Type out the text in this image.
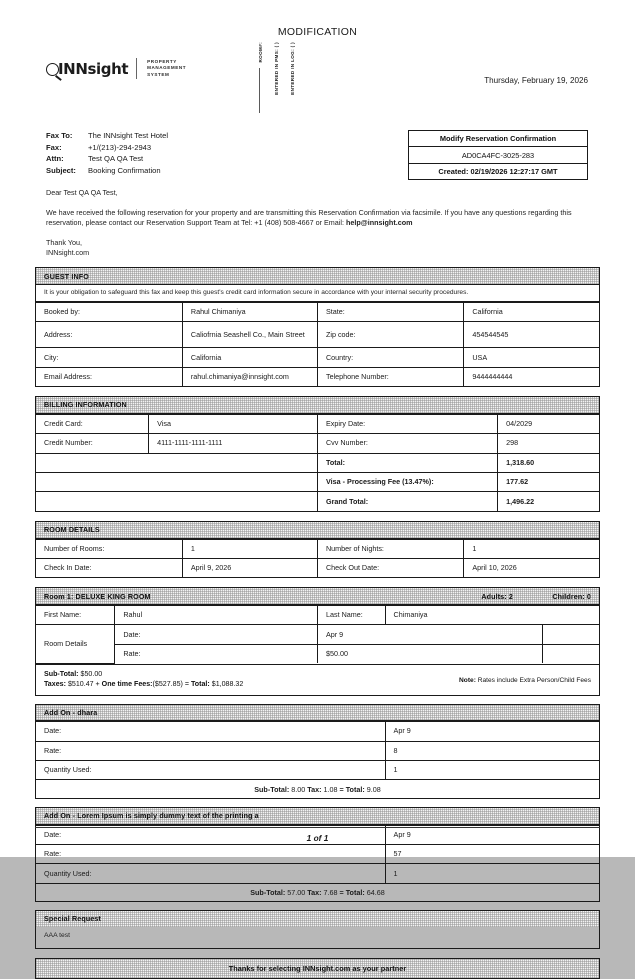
MODIFICATION
INNsight	PROPERTY
MANAGEMENT
SYSTEM
ROOM#: ENTERED IN PMS: ( ) ENTERED IN LOG: ( )	Thursday, February 19, 2026
Fax To:	The INNsight Test Hotel
Fax:	+1/(213)-294-2943
Attn:	Test QA QA Test
Subject:	Booking Confirmation
Modify Reservation Confirmation
AD0CA4FC-3025-283
Created: 02/19/2026 12:27:17 GMT
Dear Test QA QA Test,
We have received the following reservation for your property and are transmitting this Reservation Confirmation via facsimile. If you have any questions regarding this reservation, please contact our Reservation Support Team at Tel: +1 (408) 508-4667 or Email: help@innsight.com
Thank You,
INNsight.com
GUEST INFO
It is your obligation to safeguard this fax and keep this guest's credit card information secure in accordance with your internal security procedures.
Booked by:	Rahul Chimaniya	State:	California
Address:	Caliofrnia Seashell Co., Main Street	Zip code:	454544545
City:	California	Country:	USA
Email Address:	rahul.chimaniya@innsight.com	Telephone Number:	9444444444
BILLING INFORMATION
Credit Card:	Visa	Expiry Date:	04/2029
Credit Number:	4111-1111-1111-1111	Cvv Number:	298
		Total:	1,318.60
		Visa - Processing Fee (13.47%):	177.62
		Grand Total:	1,496.22
ROOM DETAILS
Number of Rooms:	1	Number of Nights:	1
Check In Date:	April 9, 2026	Check Out Date:	April 10, 2026
Room 1: DELUXE KING ROOM	Adults: 2	Children: 0
First Name:	Rahul	Last Name:	Chimaniya	
Room Details	Date:	Apr 9		
	Rate:	$50.00		
Sub-Total: $50.00
Taxes: $510.47 + One time Fees:($527.85) = Total: $1,088.32	Note: Rates include Extra Person/Child Fees
Add On - dhara
Date:	Apr 9
Rate:	8
Quantity Used:	1
Sub-Total: 8.00 Tax: 1.08 = Total: 9.08
Add On - Lorem Ipsum is simply dummy text of the printing a
Date:	Apr 9
Rate:	57
Quantity Used:	1
Sub-Total: 57.00 Tax: 7.68 = Total: 64.68
Special Request
AAA test
Thanks for selecting INNsight.com as your partner
1 of 1
